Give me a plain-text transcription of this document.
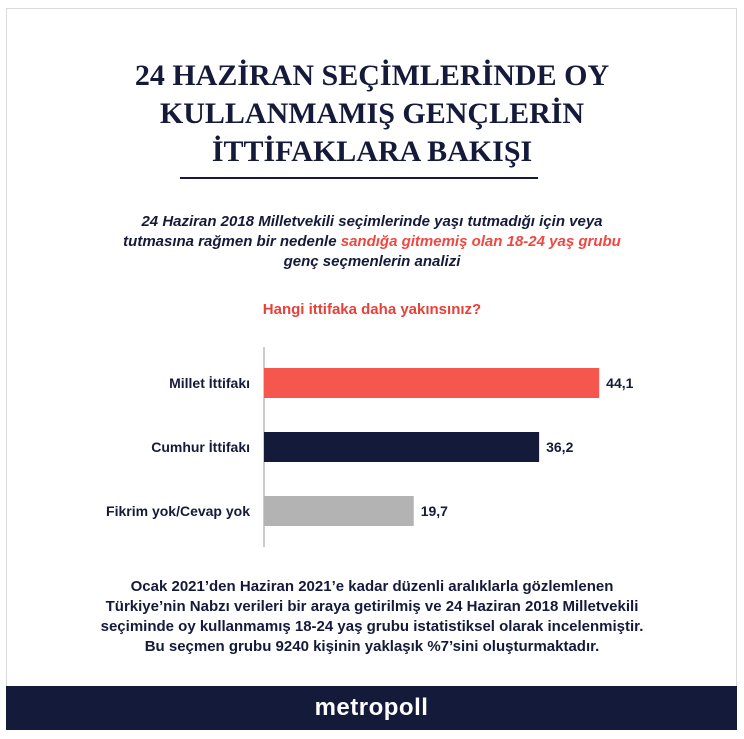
24 HAZİRAN SEÇİMLERİNDE OY
KULLANMAMIŞ GENÇLERİN
İTTİFAKLARA BAKIŞI
24 Haziran 2018 Milletvekili seçimlerinde yaşı tutmadığı için veya
tutmasına rağmen bir nedenle sandığa gitmemiş olan 18-24 yaş grubu
genç seçmenlerin analizi
Hangi ittifaka daha yakınsınız?
Millet İttifakı	44,1
Cumhur İttifakı	36,2
Fikrim yok/Cevap yok	19,7
Ocak 2021’den Haziran 2021’e kadar düzenli aralıklarla gözlemlenen
Türkiye’nin Nabzı verileri bir araya getirilmiş ve 24 Haziran 2018 Milletvekili
seçiminde oy kullanmamış 18-24 yaş grubu istatistiksel olarak incelenmiştir.
Bu seçmen grubu 9240 kişinin yaklaşık %7’sini oluşturmaktadır.
metropoll
